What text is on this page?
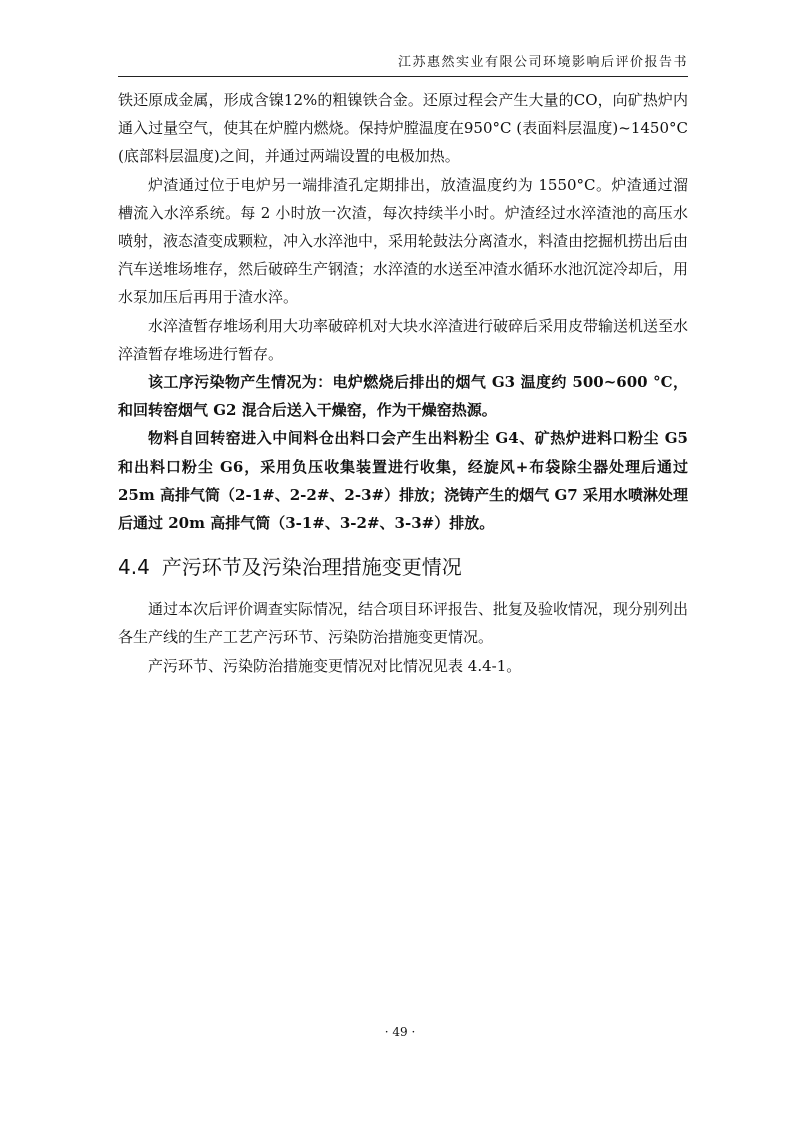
江苏惠然实业有限公司环境影响后评价报告书

铁还原成金属，形成含镍12%的粗镍铁合金。还原过程会产生大量的CO，向矿热炉内通入过量空气，使其在炉膛内燃烧。保持炉膛温度在950°C (表面料层温度)~1450°C (底部料层温度)之间，并通过两端设置的电极加热。

炉渣通过位于电炉另一端排渣孔定期排出，放渣温度约为 1550°C。炉渣通过溜槽流入水淬系统。每 2 小时放一次渣，每次持续半小时。炉渣经过水淬渣池的高压水喷射，液态渣变成颗粒，冲入水淬池中，采用轮鼓法分离渣水，料渣由挖掘机捞出后由汽车送堆场堆存，然后破碎生产钢渣；水淬渣的水送至冲渣水循环水池沉淀冷却后，用水泵加压后再用于渣水淬。

水淬渣暂存堆场利用大功率破碎机对大块水淬渣进行破碎后采用皮带输送机送至水淬渣暂存堆场进行暂存。

该工序污染物产生情况为：电炉燃烧后排出的烟气 G3 温度约 500~600 °C，和回转窑烟气 G2 混合后送入干燥窑，作为干燥窑热源。

物料自回转窑进入中间料仓出料口会产生出料粉尘 G4、矿热炉进料口粉尘 G5 和出料口粉尘 G6，采用负压收集装置进行收集，经旋风+布袋除尘器处理后通过 25m 高排气筒（2-1#、2-2#、2-3#）排放；浇铸产生的烟气 G7 采用水喷淋处理后通过 20m 高排气筒（3-1#、3-2#、3-3#）排放。

4.4 产污环节及污染治理措施变更情况

通过本次后评价调查实际情况，结合项目环评报告、批复及验收情况，现分别列出各生产线的生产工艺产污环节、污染防治措施变更情况。

产污环节、污染防治措施变更情况对比情况见表 4.4-1。

· 49 ·
